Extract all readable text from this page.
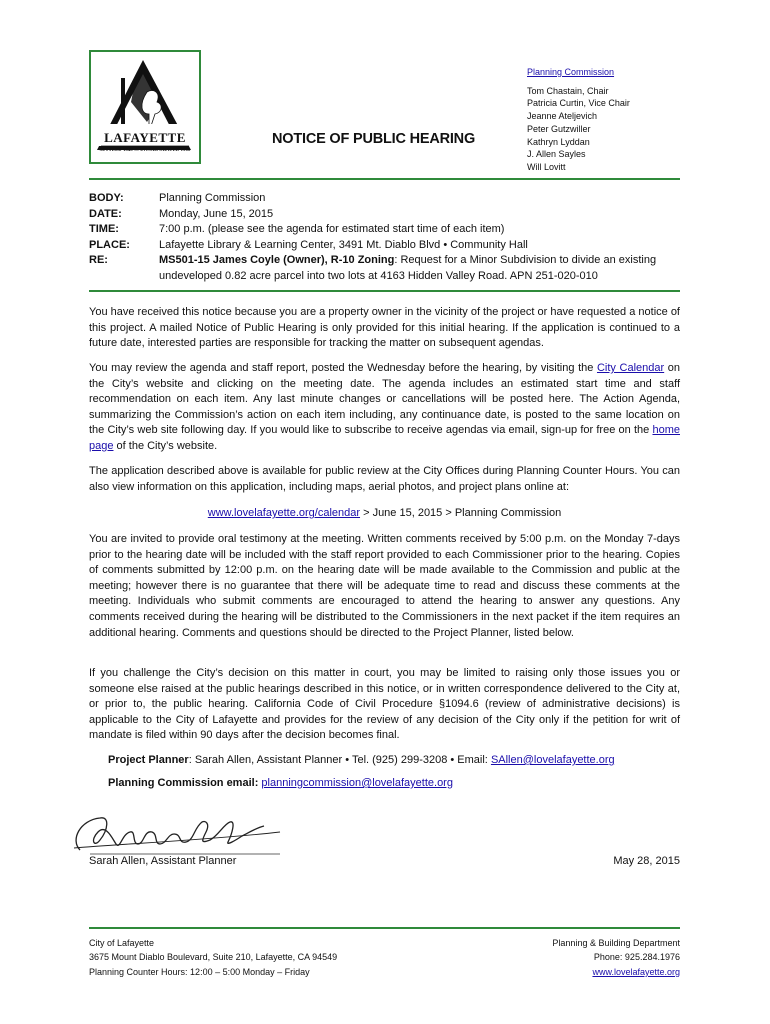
LAFAYETTE
SETTLED 1848 — INCORPORATED 1968
NOTICE OF PUBLIC HEARING
Planning Commission
Tom Chastain, Chair
Patricia Curtin, Vice Chair
Jeanne Ateljevich
Peter Gutzwiller
Kathryn Lyddan
J. Allen Sayles
Will Lovitt
BODY:	Planning Commission
DATE:	Monday, June 15, 2015
TIME:	7:00 p.m. (please see the agenda for estimated start time of each item)
PLACE:	Lafayette Library & Learning Center, 3491 Mt. Diablo Blvd • Community Hall
RE:	MS501-15 James Coyle (Owner), R-10 Zoning: Request for a Minor Subdivision to divide an existing undeveloped 0.82 acre parcel into two lots at 4163 Hidden Valley Road. APN 251-020-010
You have received this notice because you are a property owner in the vicinity of the project or have requested a notice of this project. A mailed Notice of Public Hearing is only provided for this initial hearing. If the application is continued to a future date, interested parties are responsible for tracking the matter on subsequent agendas.
You may review the agenda and staff report, posted the Wednesday before the hearing, by visiting the City Calendar on the City’s website and clicking on the meeting date. The agenda includes an estimated start time and staff recommendation on each item. Any last minute changes or cancellations will be posted here. The Action Agenda, summarizing the Commission’s action on each item including, any continuance date, is posted to the same location on the City’s web site following day. If you would like to subscribe to receive agendas via email, sign-up for free on the home page of the City’s website.
The application described above is available for public review at the City Offices during Planning Counter Hours. You can also view information on this application, including maps, aerial photos, and project plans online at:
www.lovelafayette.org/calendar > June 15, 2015 > Planning Commission
You are invited to provide oral testimony at the meeting. Written comments received by 5:00 p.m. on the Monday 7-days prior to the hearing date will be included with the staff report provided to each Commissioner prior to the hearing. Copies of comments submitted by 12:00 p.m. on the hearing date will be made available to the Commission and public at the meeting; however there is no guarantee that there will be adequate time to read and discuss these comments at the meeting. Individuals who submit comments are encouraged to attend the hearing to answer any questions. Any comments received during the hearing will be distributed to the Commissioners in the next packet if the item requires an additional hearing. Comments and questions should be directed to the Project Planner, listed below.
If you challenge the City’s decision on this matter in court, you may be limited to raising only those issues you or someone else raised at the public hearings described in this notice, or in written correspondence delivered to the City at, or prior to, the public hearing. California Code of Civil Procedure §1094.6 (review of administrative decisions) is applicable to the City of Lafayette and provides for the review of any decision of the City only if the petition for writ of mandate is filed within 90 days after the decision becomes final.
Project Planner: Sarah Allen, Assistant Planner • Tel. (925) 299-3208 • Email: SAllen@lovelafayette.org
Planning Commission email: planningcommission@lovelafayette.org
Sarah Allen, Assistant Planner	May 28, 2015
City of Lafayette
3675 Mount Diablo Boulevard, Suite 210, Lafayette, CA 94549
Planning Counter Hours: 12:00 – 5:00 Monday – Friday
Planning & Building Department
Phone: 925.284.1976
www.lovelafayette.org
